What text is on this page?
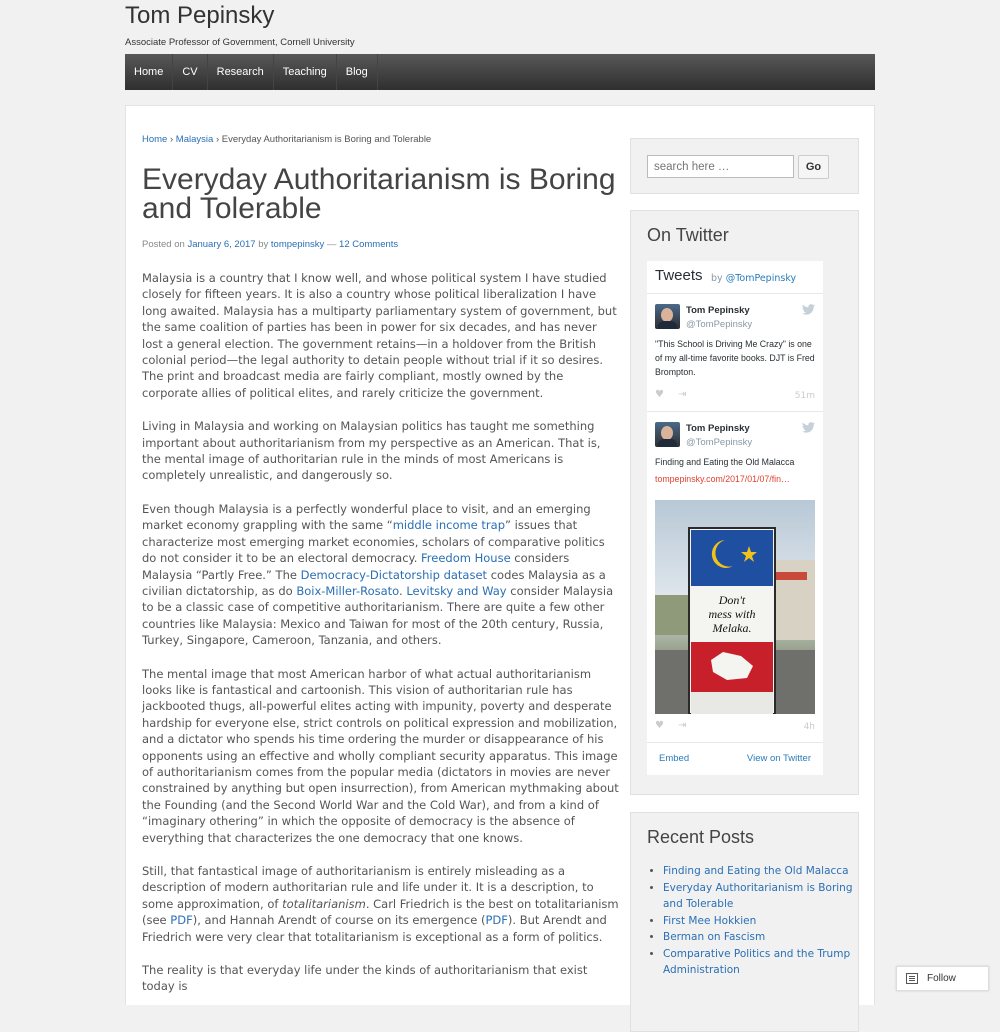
Tom Pepinsky
Associate Professor of Government, Cornell University
Home	CV	Research	Teaching	Blog
Home › Malaysia › Everyday Authoritarianism is Boring and Tolerable
Everyday Authoritarianism is Boring and Tolerable
Posted on January 6, 2017 by tompepinsky — 12 Comments

Malaysia is a country that I know well, and whose political system I have studied closely for fifteen years. It is also a country whose political liberalization I have long awaited. Malaysia has a multiparty parliamentary system of government, but the same coalition of parties has been in power for six decades, and has never lost a general election. The government retains—in a holdover from the British colonial period—the legal authority to detain people without trial if it so desires. The print and broadcast media are fairly compliant, mostly owned by the corporate allies of political elites, and rarely criticize the government.

Living in Malaysia and working on Malaysian politics has taught me something important about authoritarianism from my perspective as an American. That is, the mental image of authoritarian rule in the minds of most Americans is completely unrealistic, and dangerously so.

Even though Malaysia is a perfectly wonderful place to visit, and an emerging market economy grappling with the same “middle income trap” issues that characterize most emerging market economies, scholars of comparative politics do not consider it to be an electoral democracy. Freedom House considers Malaysia “Partly Free.” The Democracy-Dictatorship dataset codes Malaysia as a civilian dictatorship, as do Boix-Miller-Rosato. Levitsky and Way consider Malaysia to be a classic case of competitive authoritarianism. There are quite a few other countries like Malaysia: Mexico and Taiwan for most of the 20th century, Russia, Turkey, Singapore, Cameroon, Tanzania, and others.

The mental image that most American harbor of what actual authoritarianism looks like is fantastical and cartoonish. This vision of authoritarian rule has jackbooted thugs, all-powerful elites acting with impunity, poverty and desperate hardship for everyone else, strict controls on political expression and mobilization, and a dictator who spends his time ordering the murder or disappearance of his opponents using an effective and wholly compliant security apparatus. This image of authoritarianism comes from the popular media (dictators in movies are never constrained by anything but open insurrection), from American mythmaking about the Founding (and the Second World War and the Cold War), and from a kind of “imaginary othering” in which the opposite of democracy is the absence of everything that characterizes the one democracy that one knows.

Still, that fantastical image of authoritarianism is entirely misleading as a description of modern authoritarian rule and life under it. It is a description, to some approximation, of totalitarianism. Carl Friedrich is the best on totalitarianism (see PDF), and Hannah Arendt of course on its emergence (PDF). But Arendt and Friedrich were very clear that totalitarianism is exceptional as a form of politics.

The reality is that everyday life under the kinds of authoritarianism that exist today is

search here …
Go
On Twitter
Tweets by @TomPepinsky
Tom Pepinsky
@TomPepinsky
"This School is Driving Me Crazy" is one of my all-time favorite books. DJT is Fred Brompton.
♥ ⇥	51m
Tom Pepinsky
@TomPepinsky
Finding and Eating the Old Malacca
tompepinsky.com/2017/01/07/fin…
Don't
mess with
Melaka.
♥ ⇥	4h
Embed	View on Twitter
Recent Posts
• Finding and Eating the Old Malacca
• Everyday Authoritarianism is Boring and Tolerable
• First Mee Hokkien
• Berman on Fascism
• Comparative Politics and the Trump Administration
Follow
